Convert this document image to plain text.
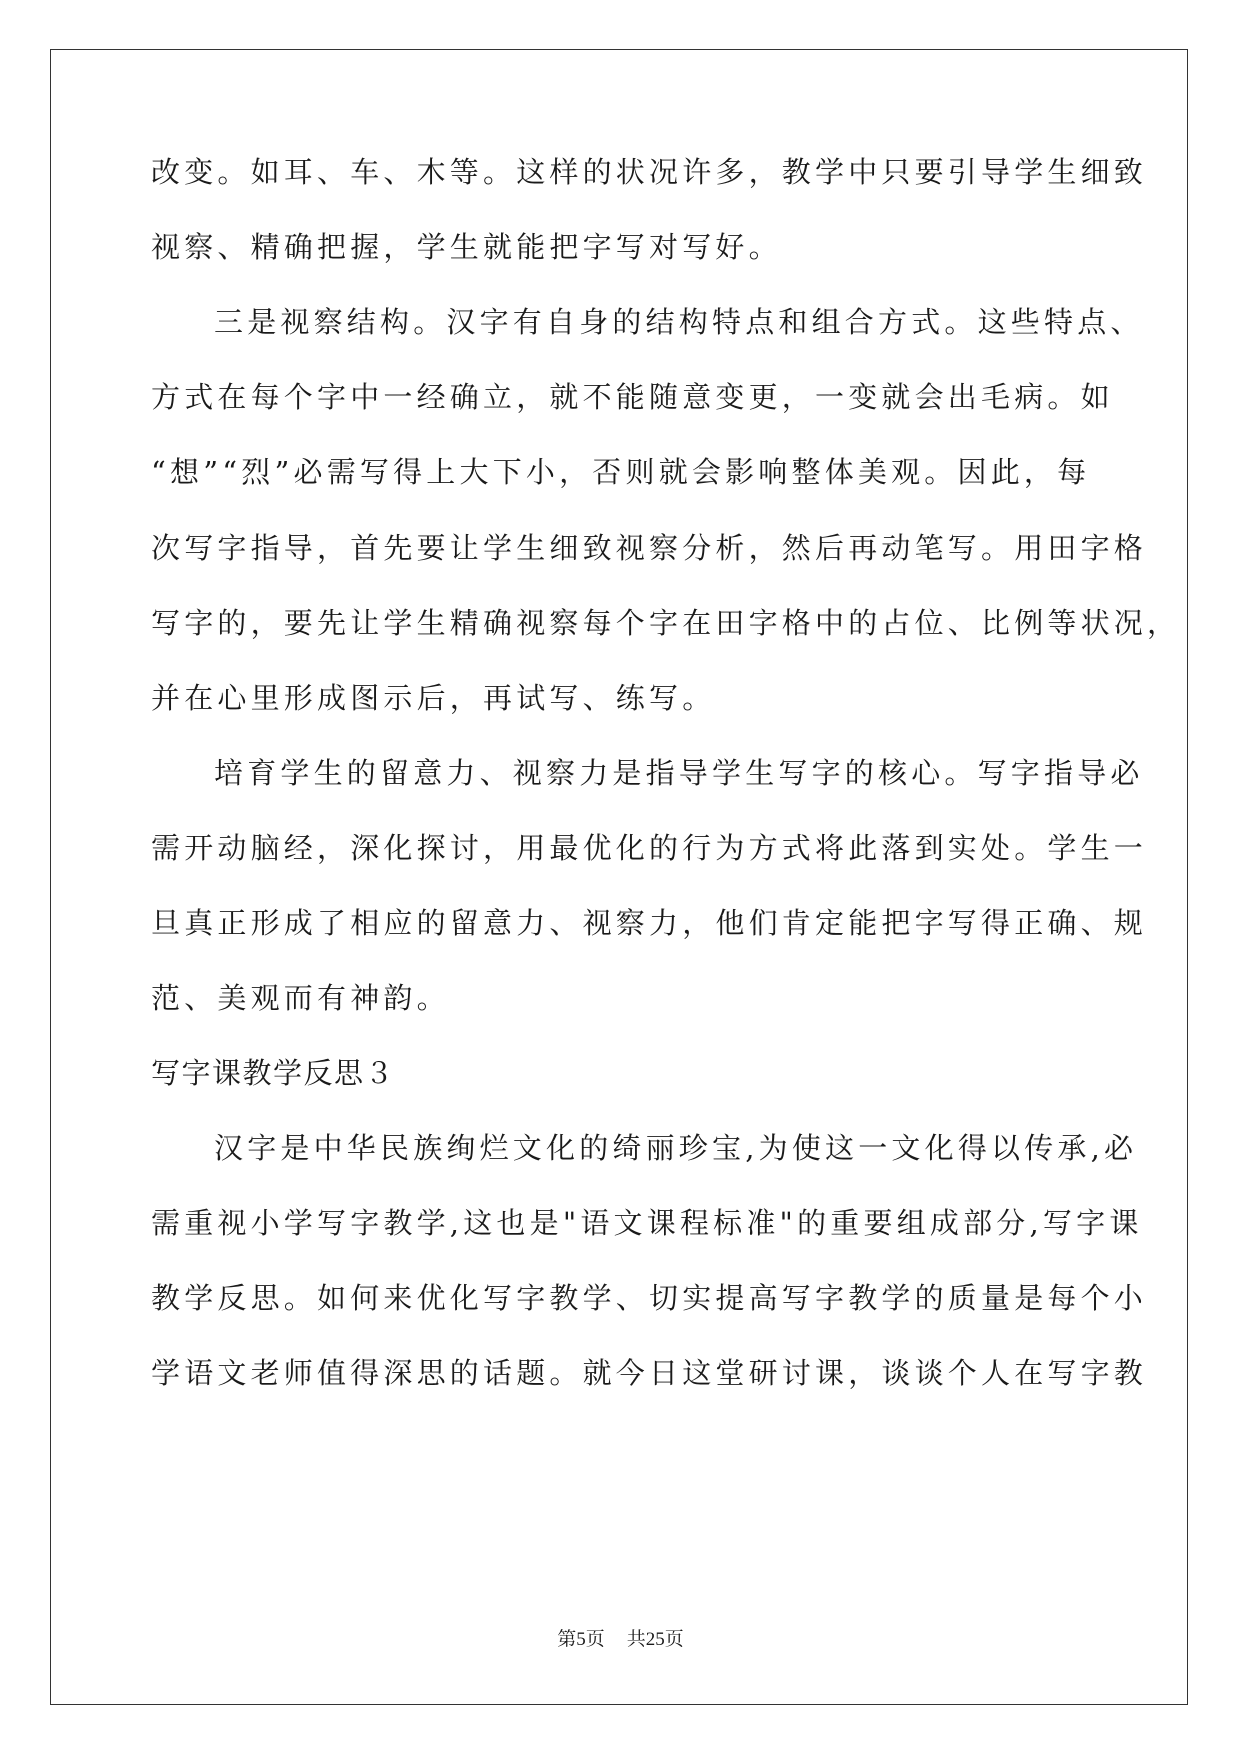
改变。如耳、车、木等。这样的状况许多，教学中只要引导学生细致
视察、精确把握，学生就能把字写对写好。
三是视察结构。汉字有自身的结构特点和组合方式。这些特点、
方式在每个字中一经确立，就不能随意变更，一变就会出毛病。如
“想”“烈”必需写得上大下小，否则就会影响整体美观。因此，每
次写字指导，首先要让学生细致视察分析，然后再动笔写。用田字格
写字的，要先让学生精确视察每个字在田字格中的占位、比例等状况，
并在心里形成图示后，再试写、练写。
培育学生的留意力、视察力是指导学生写字的核心。写字指导必
需开动脑经，深化探讨，用最优化的行为方式将此落到实处。学生一
旦真正形成了相应的留意力、视察力，他们肯定能把字写得正确、规
范、美观而有神韵。
写字课教学反思３
汉字是中华民族绚烂文化的绮丽珍宝,为使这一文化得以传承,必
需重视小学写字教学,这也是"语文课程标准"的重要组成部分,写字课
教学反思。如何来优化写字教学、切实提高写字教学的质量是每个小
学语文老师值得深思的话题。就今日这堂研讨课，谈谈个人在写字教
第5页 共25页
